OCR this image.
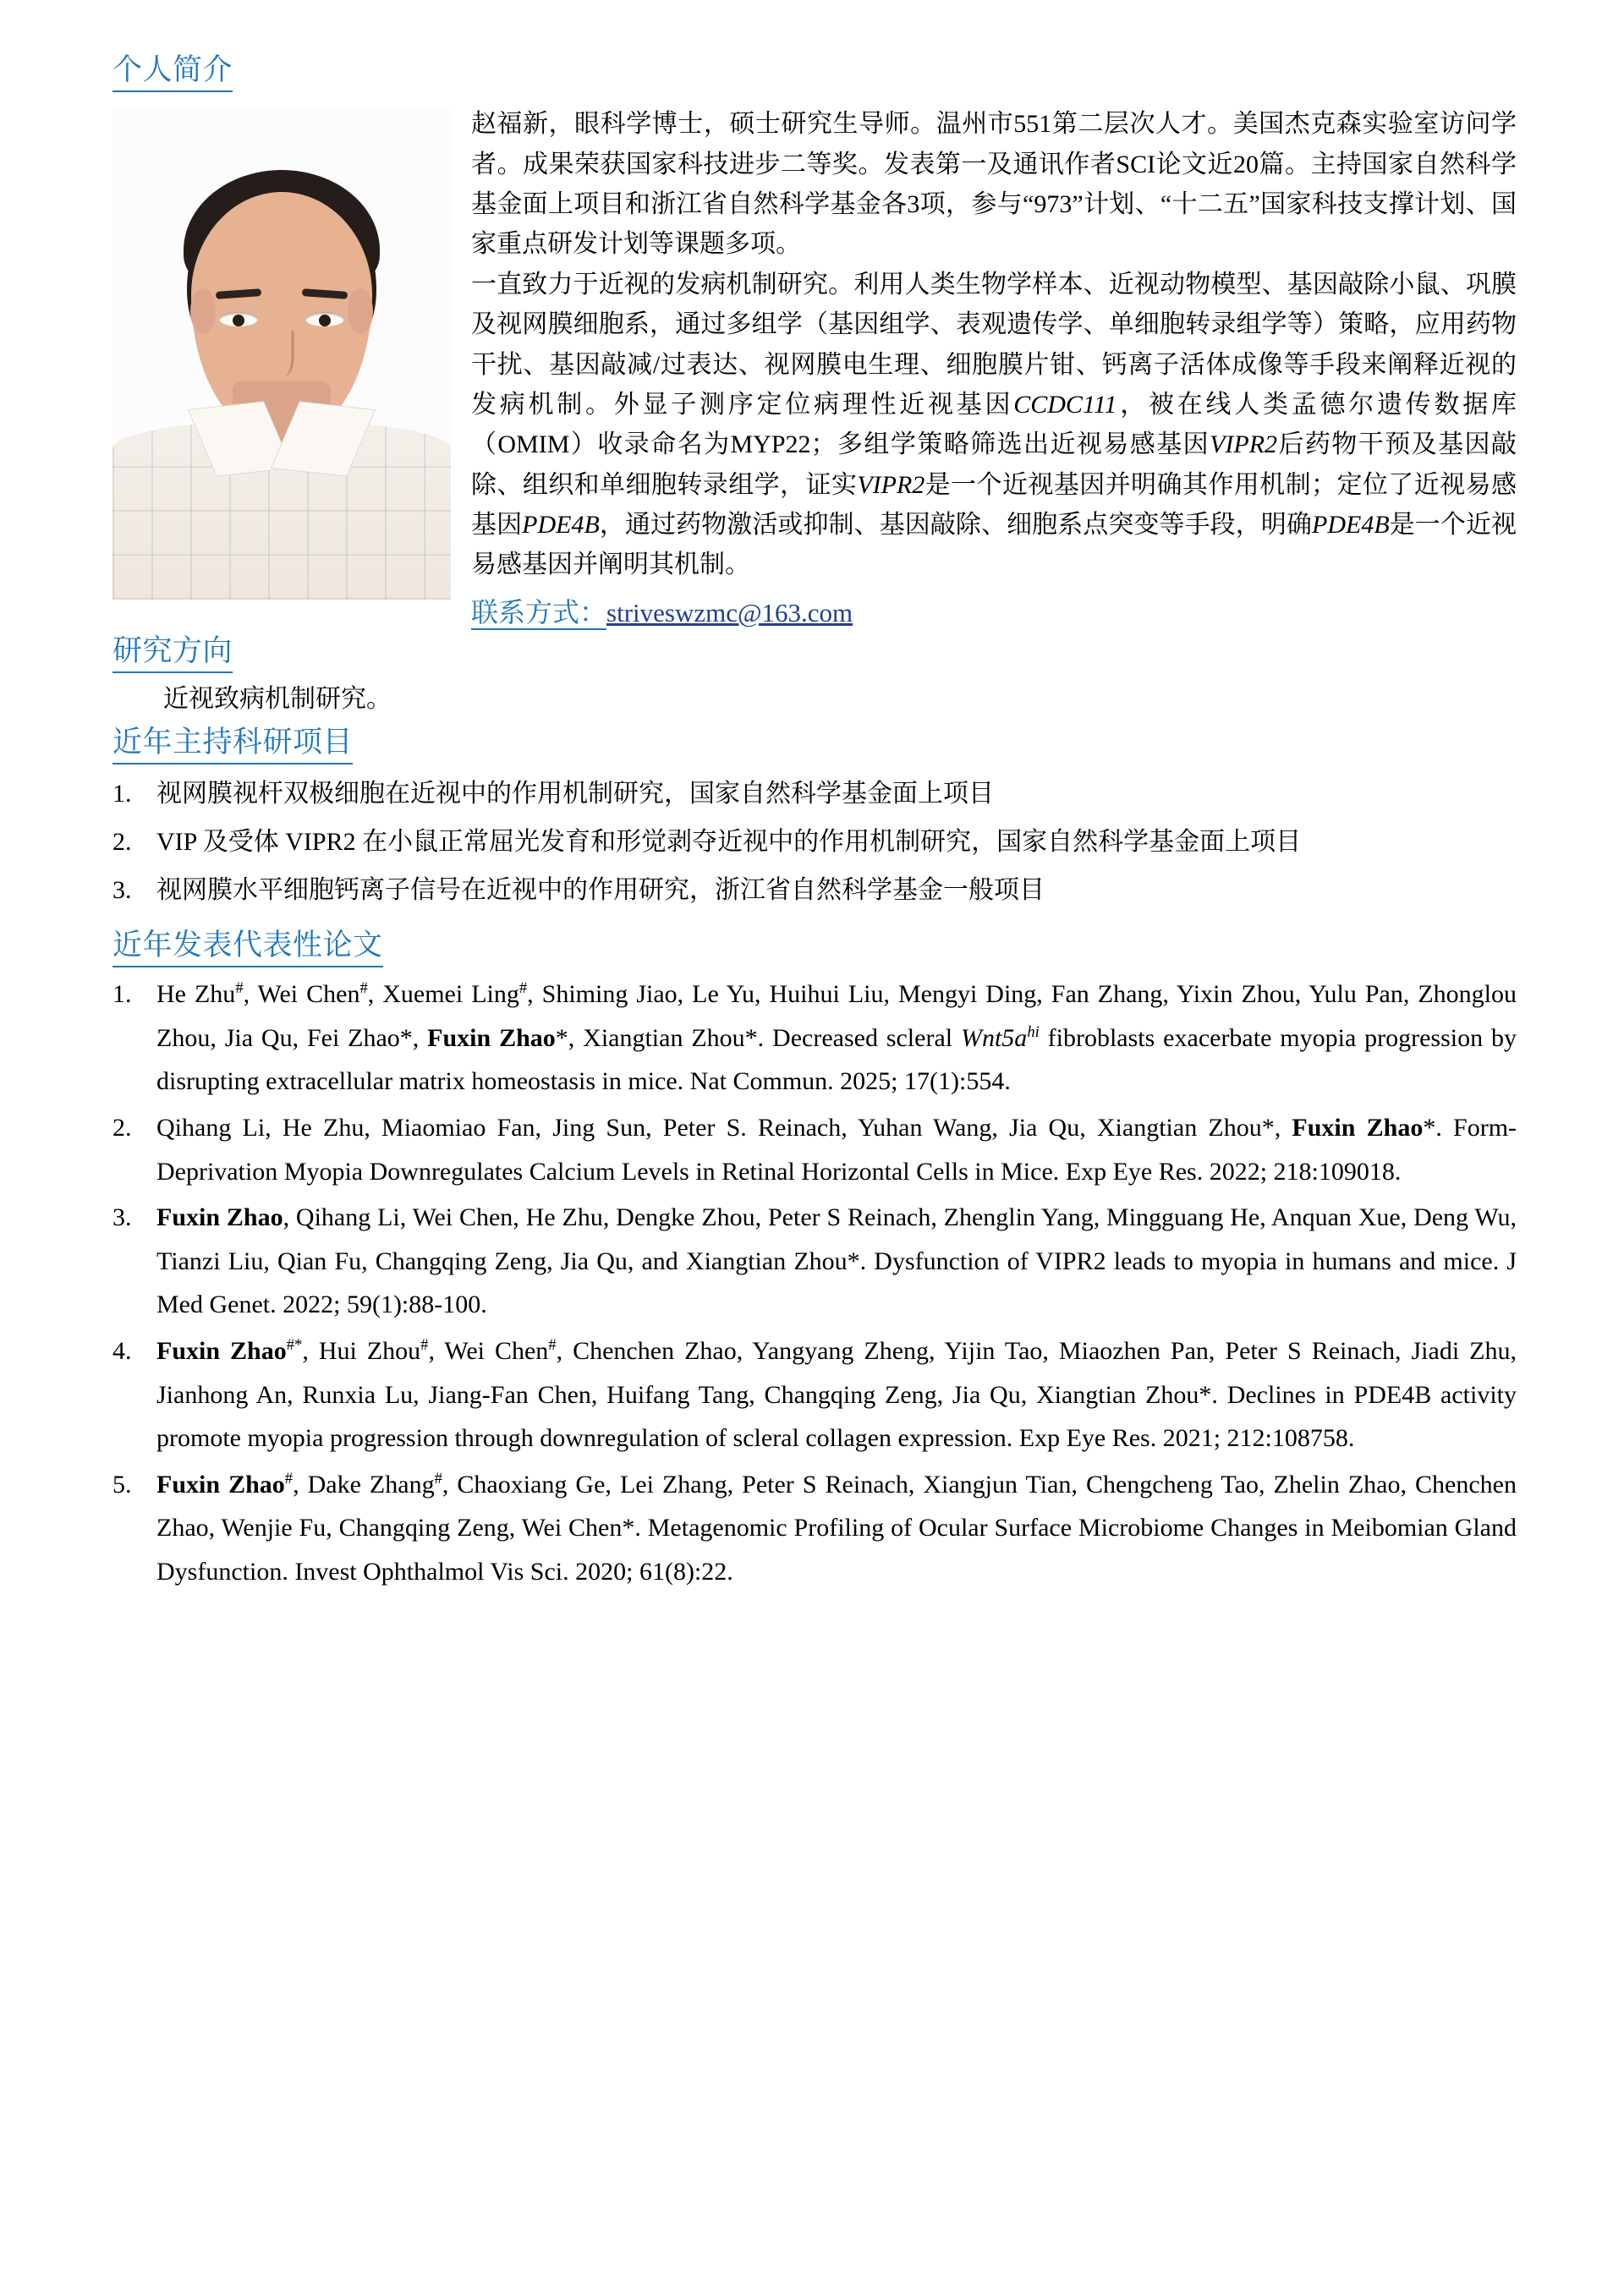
个人简介

赵福新，眼科学博士，硕士研究生导师。温州市551第二层次人才。美国杰克森实验室访问学者。成果荣获国家科技进步二等奖。发表第一及通讯作者SCI论文近20篇。主持国家自然科学基金面上项目和浙江省自然科学基金各3项，参与“973”计划、“十二五”国家科技支撑计划、国家重点研发计划等课题多项。

一直致力于近视的发病机制研究。利用人类生物学样本、近视动物模型、基因敲除小鼠、巩膜及视网膜细胞系，通过多组学（基因组学、表观遗传学、单细胞转录组学等）策略，应用药物干扰、基因敲减/过表达、视网膜电生理、细胞膜片钳、钙离子活体成像等手段来阐释近视的发病机制。外显子测序定位病理性近视基因CCDC111，被在线人类孟德尔遗传数据库（OMIM）收录命名为MYP22；多组学策略筛选出近视易感基因VIPR2后药物干预及基因敲除、组织和单细胞转录组学，证实VIPR2是一个近视基因并明确其作用机制；定位了近视易感基因PDE4B，通过药物激活或抑制、基因敲除、细胞系点突变等手段，明确PDE4B是一个近视易感基因并阐明其机制。

联系方式：striveswzmc@163.com
研究方向
近视致病机制研究。
近年主持科研项目
视网膜视杆双极细胞在近视中的作用机制研究，国家自然科学基金面上项目
VIP 及受体 VIPR2 在小鼠正常屈光发育和形觉剥夺近视中的作用机制研究，国家自然科学基金面上项目
视网膜水平细胞钙离子信号在近视中的作用研究，浙江省自然科学基金一般项目
近年发表代表性论文
He Zhu#, Wei Chen#, Xuemei Ling#, Shiming Jiao, Le Yu, Huihui Liu, Mengyi Ding, Fan Zhang, Yixin Zhou, Yulu Pan, Zhonglou Zhou, Jia Qu, Fei Zhao*, Fuxin Zhao*, Xiangtian Zhou*. Decreased scleral $Wnt5a^{hi}$ fibroblasts exacerbate myopia progression by disrupting extracellular matrix homeostasis in mice. Nat Commun. 2025; 17(1):554.
Qihang Li, He Zhu, Miaomiao Fan, Jing Sun, Peter S. Reinach, Yuhan Wang, Jia Qu, Xiangtian Zhou*, Fuxin Zhao*. Form-Deprivation Myopia Downregulates Calcium Levels in Retinal Horizontal Cells in Mice. Exp Eye Res. 2022; 218:109018.
Fuxin Zhao, Qihang Li, Wei Chen, He Zhu, Dengke Zhou, Peter S Reinach, Zhenglin Yang, Mingguang He, Anquan Xue, Deng Wu, Tianzi Liu, Qian Fu, Changqing Zeng, Jia Qu, and Xiangtian Zhou*. Dysfunction of VIPR2 leads to myopia in humans and mice. J Med Genet. 2022; 59(1):88-100.
Fuxin Zhao#*, Hui Zhou#, Wei Chen#, Chenchen Zhao, Yangyang Zheng, Yijin Tao, Miaozhen Pan, Peter S Reinach, Jiadi Zhu, Jianhong An, Runxia Lu, Jiang-Fan Chen, Huifang Tang, Changqing Zeng, Jia Qu, Xiangtian Zhou*. Declines in PDE4B activity promote myopia progression through downregulation of scleral collagen expression. Exp Eye Res. 2021; 212:108758.
Fuxin Zhao#, Dake Zhang#, Chaoxiang Ge, Lei Zhang, Peter S Reinach, Xiangjun Tian, Chengcheng Tao, Zhelin Zhao, Chenchen Zhao, Wenjie Fu, Changqing Zeng, Wei Chen*. Metagenomic Profiling of Ocular Surface Microbiome Changes in Meibomian Gland Dysfunction. Invest Ophthalmol Vis Sci. 2020; 61(8):22.
